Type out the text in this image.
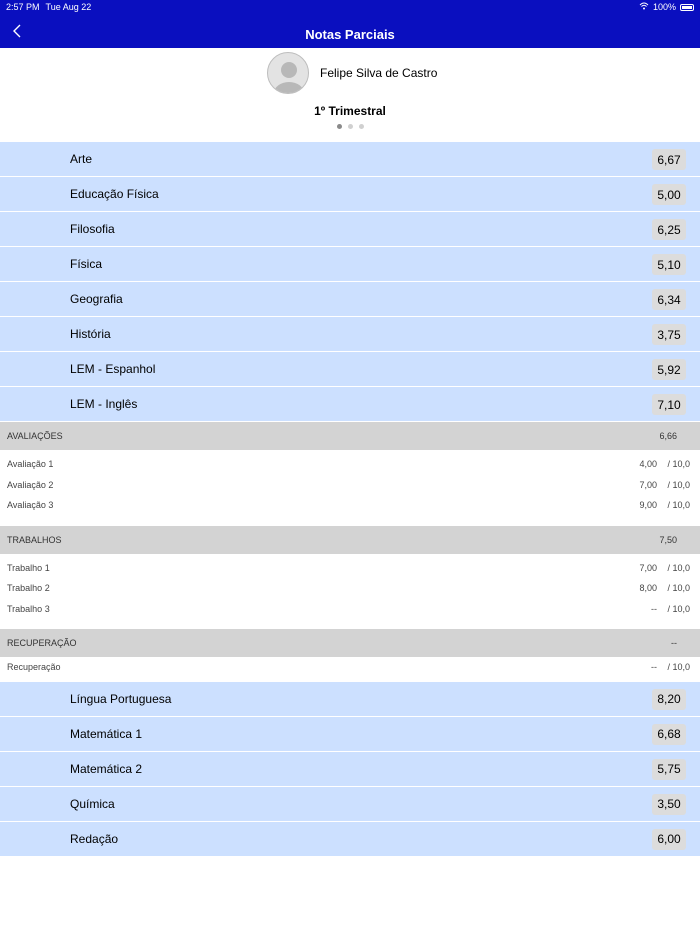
2:57 PM Tue Aug 22	100%
Notas Parciais
Felipe Silva de Castro
1º Trimestral
Arte	6,67
Educação Física	5,00
Filosofia	6,25
Física	5,10
Geografia	6,34
História	3,75
LEM - Espanhol	5,92
LEM - Inglês	7,10
AVALIAÇÕES	6,66
Avaliação 1	4,00 / 10,0
Avaliação 2	7,00 / 10,0
Avaliação 3	9,00 / 10,0
TRABALHOS	7,50
Trabalho 1	7,00 / 10,0
Trabalho 2	8,00 / 10,0
Trabalho 3	-- / 10,0
RECUPERAÇÃO	--
Recuperação	-- / 10,0
Língua Portuguesa	8,20
Matemática 1	6,68
Matemática 2	5,75
Química	3,50
Redação	6,00
